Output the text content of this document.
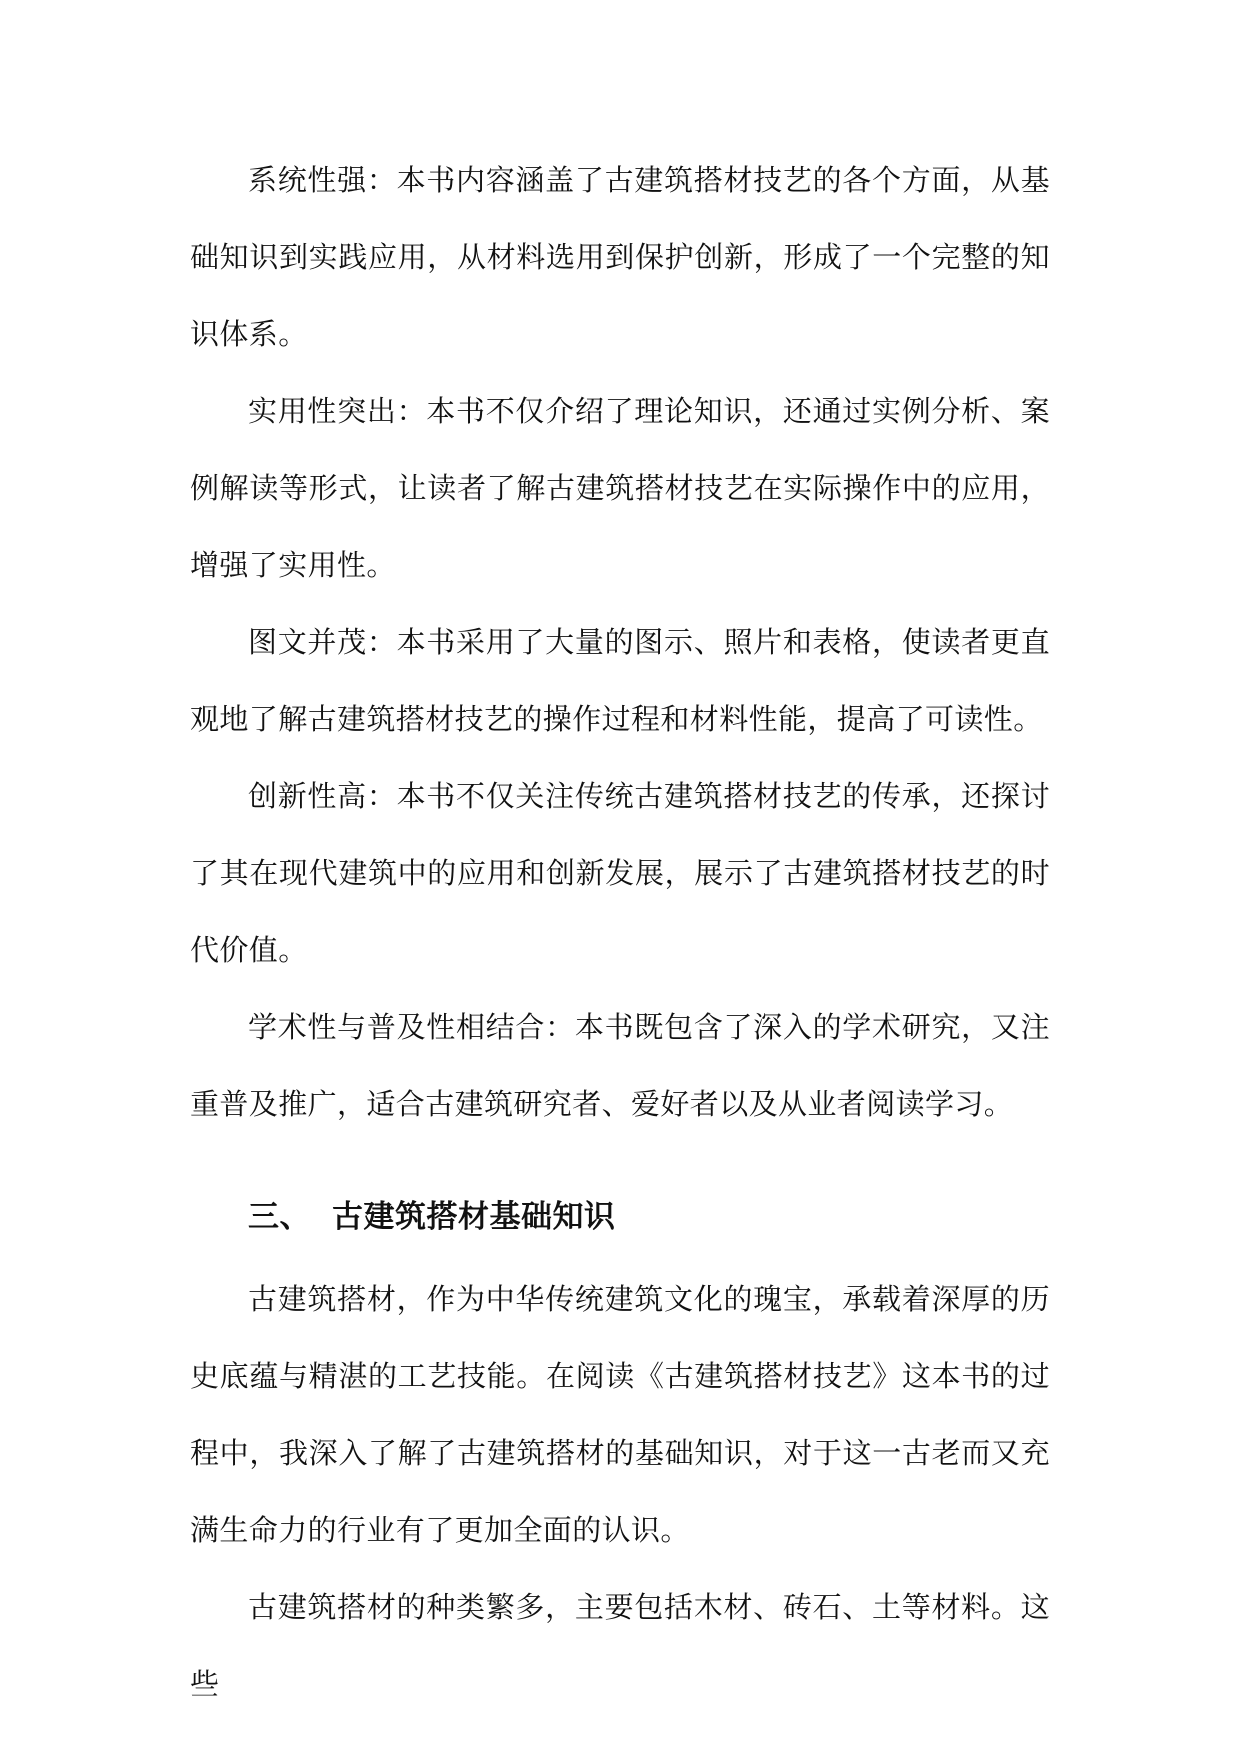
系统性强：本书内容涵盖了古建筑搭材技艺的各个方面，从基础知识到实践应用，从材料选用到保护创新，形成了一个完整的知识体系。

实用性突出：本书不仅介绍了理论知识，还通过实例分析、案例解读等形式，让读者了解古建筑搭材技艺在实际操作中的应用，增强了实用性。

图文并茂：本书采用了大量的图示、照片和表格，使读者更直观地了解古建筑搭材技艺的操作过程和材料性能，提高了可读性。

创新性高：本书不仅关注传统古建筑搭材技艺的传承，还探讨了其在现代建筑中的应用和创新发展，展示了古建筑搭材技艺的时代价值。

学术性与普及性相结合：本书既包含了深入的学术研究，又注重普及推广，适合古建筑研究者、爱好者以及从业者阅读学习。

三、 古建筑搭材基础知识

古建筑搭材，作为中华传统建筑文化的瑰宝，承载着深厚的历史底蕴与精湛的工艺技能。在阅读《古建筑搭材技艺》这本书的过程中，我深入了解了古建筑搭材的基础知识，对于这一古老而又充满生命力的行业有了更加全面的认识。

古建筑搭材的种类繁多，主要包括木材、砖石、土等材料。这些
